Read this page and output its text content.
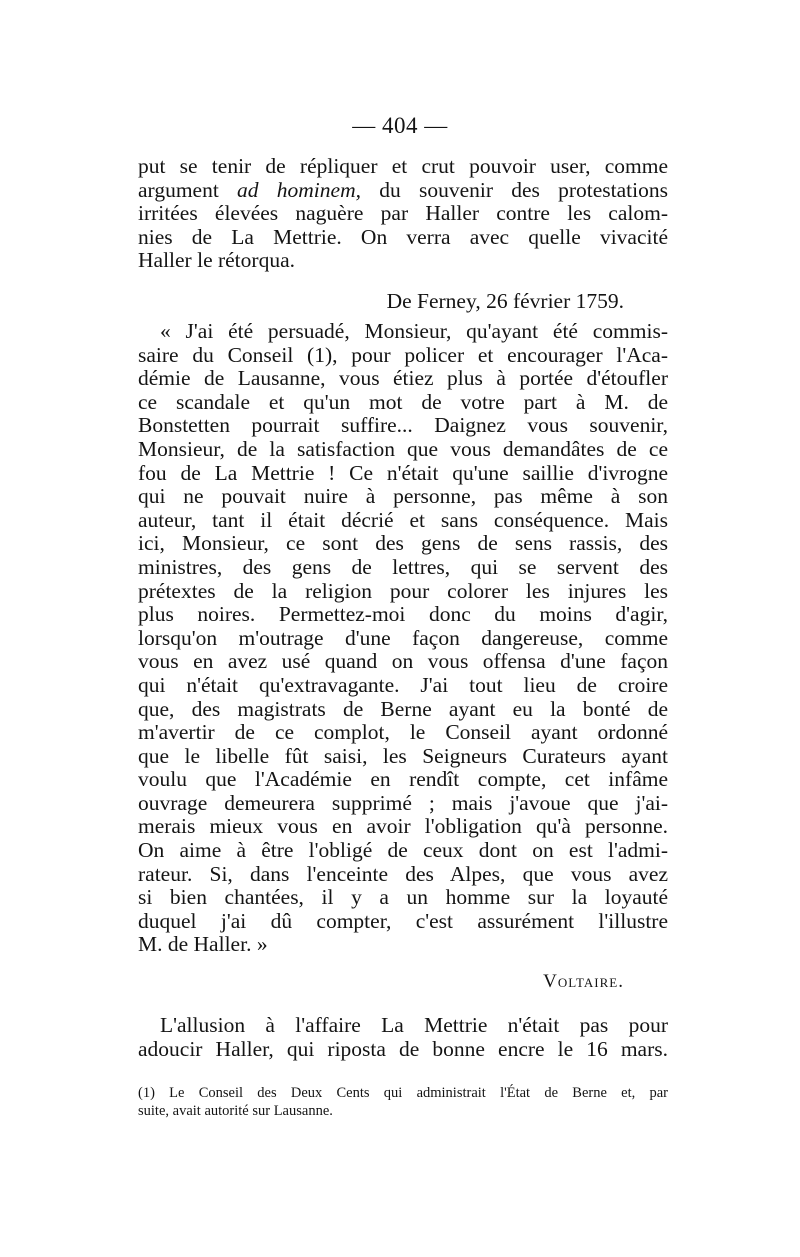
— 404 —

put se tenir de répliquer et crut pouvoir user, comme
argument ad hominem, du souvenir des protestations
irritées élevées naguère par Haller contre les calom-
nies de La Mettrie. On verra avec quelle vivacité
Haller le rétorqua.

De Ferney, 26 février 1759.

« J'ai été persuadé, Monsieur, qu'ayant été commis-
saire du Conseil (1), pour policer et encourager l'Aca-
démie de Lausanne, vous étiez plus à portée d'étoufler
ce scandale et qu'un mot de votre part à M. de
Bonstetten pourrait suffire... Daignez vous souvenir,
Monsieur, de la satisfaction que vous demandâtes de ce
fou de La Mettrie ! Ce n'était qu'une saillie d'ivrogne
qui ne pouvait nuire à personne, pas même à son
auteur, tant il était décrié et sans conséquence. Mais
ici, Monsieur, ce sont des gens de sens rassis, des
ministres, des gens de lettres, qui se servent des
prétextes de la religion pour colorer les injures les
plus noires. Permettez-moi donc du moins d'agir,
lorsqu'on m'outrage d'une façon dangereuse, comme
vous en avez usé quand on vous offensa d'une façon
qui n'était qu'extravagante. J'ai tout lieu de croire
que, des magistrats de Berne ayant eu la bonté de
m'avertir de ce complot, le Conseil ayant ordonné
que le libelle fût saisi, les Seigneurs Curateurs ayant
voulu que l'Académie en rendît compte, cet infâme
ouvrage demeurera supprimé ; mais j'avoue que j'ai-
merais mieux vous en avoir l'obligation qu'à personne.
On aime à être l'obligé de ceux dont on est l'admi-
rateur. Si, dans l'enceinte des Alpes, que vous avez
si bien chantées, il y a un homme sur la loyauté
duquel j'ai dû compter, c'est assurément l'illustre
M. de Haller. »

Voltaire.

L'allusion à l'affaire La Mettrie n'était pas pour
adoucir Haller, qui riposta de bonne encre le 16 mars.

(1) Le Conseil des Deux Cents qui administrait l'État de Berne et, par
suite, avait autorité sur Lausanne.
